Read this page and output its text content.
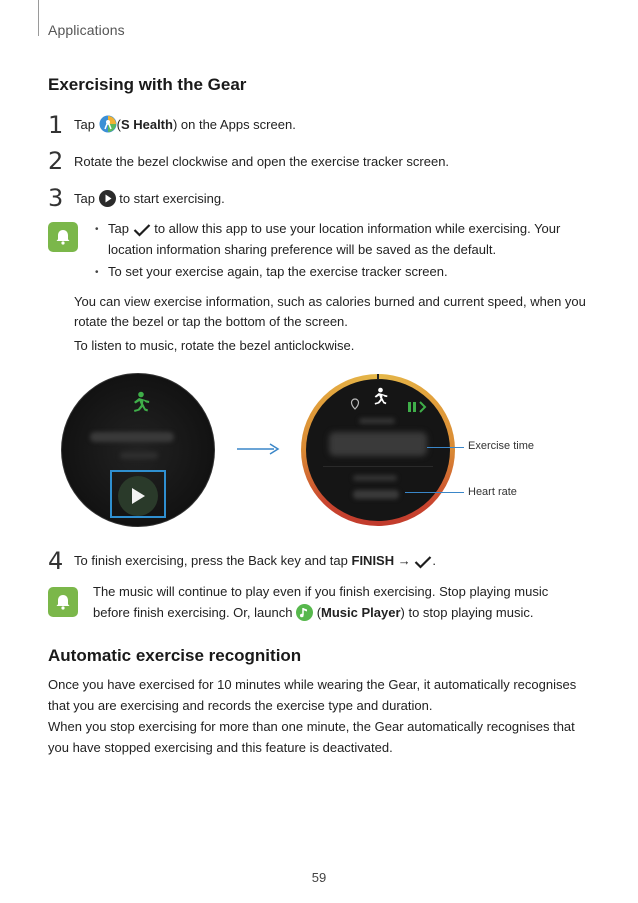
Applications
Exercising with the Gear
1 Tap (S Health) on the Apps screen.
2 Rotate the bezel clockwise and open the exercise tracker screen.
3 Tap to start exercising.
• Tap to allow this app to use your location information while exercising. Your
location information sharing preference will be saved as the default.
• To set your exercise again, tap the exercise tracker screen.
You can view exercise information, such as calories burned and current speed, when you
rotate the bezel or tap the bottom of the screen.
To listen to music, rotate the bezel anticlockwise.
Exercise time
Heart rate
4 To finish exercising, press the Back key and tap FINISH → .
The music will continue to play even if you finish exercising. Stop playing music
before finish exercising. Or, launch (Music Player) to stop playing music.
Automatic exercise recognition
Once you have exercised for 10 minutes while wearing the Gear, it automatically recognises
that you are exercising and records the exercise type and duration.
When you stop exercising for more than one minute, the Gear automatically recognises that
you have stopped exercising and this feature is deactivated.
59
